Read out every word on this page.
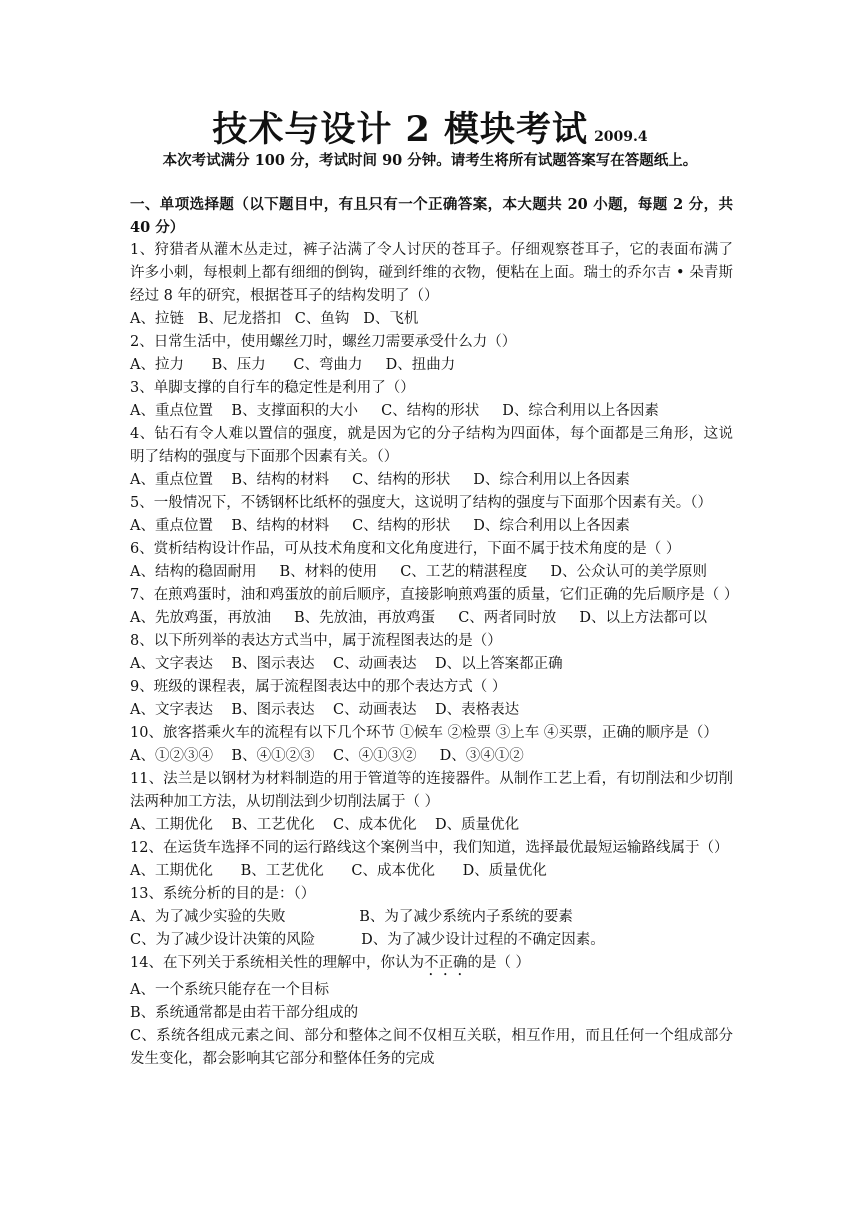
技术与设计 2 模块考试 2009.4
本次考试满分 100 分，考试时间 90 分钟。请考生将所有试题答案写在答题纸上。

一、单项选择题（以下题目中，有且只有一个正确答案，本大题共 20 小题，每题 2 分，共 40 分）

1、狩猎者从灌木丛走过，裤子沾满了令人讨厌的苍耳子。仔细观察苍耳子，它的表面布满了许多小刺，每根刺上都有细细的倒钩，碰到纤维的衣物，便粘在上面。瑞士的乔尔吉 • 朵青斯经过 8 年的研究，根据苍耳子的结构发明了（）

A、拉链   B、尼龙搭扣   C、鱼钩   D、飞机

2、日常生活中，使用螺丝刀时，螺丝刀需要承受什么力（）

A、拉力      B、压力      C、弯曲力     D、扭曲力

3、单脚支撑的自行车的稳定性是利用了（）

A、重点位置    B、支撑面积的大小     C、结构的形状     D、综合利用以上各因素

4、钻石有令人难以置信的强度，就是因为它的分子结构为四面体，每个面都是三角形，这说明了结构的强度与下面那个因素有关。（）

A、重点位置    B、结构的材料     C、结构的形状     D、综合利用以上各因素

5、一般情况下，不锈钢杯比纸杯的强度大，这说明了结构的强度与下面那个因素有关。（）

A、重点位置    B、结构的材料     C、结构的形状     D、综合利用以上各因素

6、赏析结构设计作品，可从技术角度和文化角度进行，下面不属于技术角度的是（ ）

A、结构的稳固耐用     B、材料的使用     C、工艺的精湛程度     D、公众认可的美学原则

7、在煎鸡蛋时，油和鸡蛋放的前后顺序，直接影响煎鸡蛋的质量，它们正确的先后顺序是（ ）

A、先放鸡蛋，再放油     B、先放油，再放鸡蛋     C、两者同时放     D、以上方法都可以

8、以下所列举的表达方式当中，属于流程图表达的是（）

A、文字表达    B、图示表达    C、动画表达    D、以上答案都正确

9、班级的课程表，属于流程图表达中的那个表达方式（ ）

A、文字表达    B、图示表达    C、动画表达    D、表格表达

10、旅客搭乘火车的流程有以下几个环节 ①候车 ②检票 ③上车 ④买票，正确的顺序是（）

A、①②③④    B、④①②③    C、④①③②     D、③④①②

11、法兰是以钢材为材料制造的用于管道等的连接器件。从制作工艺上看，有切削法和少切削法两种加工方法，从切削法到少切削法属于（ ）

A、工期优化    B、工艺优化    C、成本优化    D、质量优化

12、在运货车选择不同的运行路线这个案例当中，我们知道，选择最优最短运输路线属于（）

A、工期优化      B、工艺优化      C、成本优化      D、质量优化

13、系统分析的目的是：（）

A、为了减少实验的失败                B、为了减少系统内子系统的要素

C、为了减少设计决策的风险          D、为了减少设计过程的不确定因素。

14、在下列关于系统相关性的理解中，你认为不正确的是（ ）

A、一个系统只能存在一个目标

B、系统通常都是由若干部分组成的

C、系统各组成元素之间、部分和整体之间不仅相互关联，相互作用，而且任何一个组成部分发生变化，都会影响其它部分和整体任务的完成
